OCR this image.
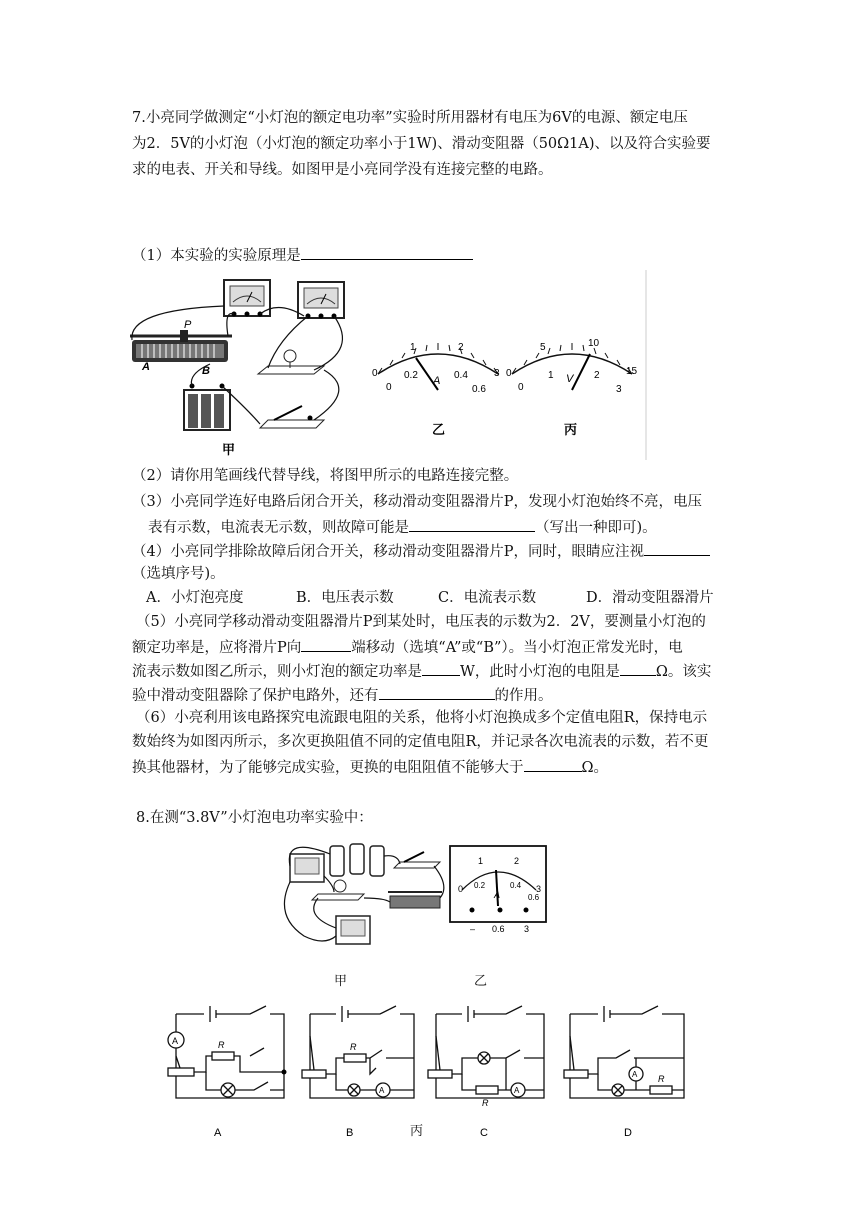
7.小亮同学做测定“小灯泡的额定电功率”实验时所用器材有电压为6V的电源、额定电压
为2．5V的小灯泡（小灯泡的额定功率小于1W)、滑动变阻器（50Ω1A)、以及符合实验要
求的电表、开关和导线。如图甲是小亮同学没有连接完整的电路。
（1）本实验的实验原理是
P
A	B
甲
0
1	2
3
0
0.2	0.4
0.6
A
乙
0
5	10
15
0
1	2
3
V
丙
（2）请你用笔画线代替导线，将图甲所示的电路连接完整。
（3）小亮同学连好电路后闭合开关，移动滑动变阻器滑片P，发现小灯泡始终不亮，电压
表有示数，电流表无示数，则故障可能是	（写出一种即可)。
（4）小亮同学排除故障后闭合开关，移动滑动变阻器滑片P，同时，眼睛应注视
（选填序号)。
A．小灯泡亮度	B．电压表示数	C．电流表示数	D．滑动变阻器滑片
（5）小亮同学移动滑动变阻器滑片P到某处时，电压表的示数为2．2V，要测量小灯泡的
额定功率是，应将滑片P向	端移动（选填“A”或“B”）。当小灯泡正常发光时，电
流表示数如图乙所示，则小灯泡的额定功率是	W，此时小灯泡的电阻是 Ω。该实
验中滑动变阻器除了保护电路外，还有	的作用。
（6）小亮利用该电路探究电流跟电阻的关系，他将小灯泡换成多个定值电阻R，保持电示
数始终为如图丙所示，多次更换阻值不同的定值电阻R，并记录各次电流表的示数，若不更
换其他器材，为了能够完成实验，更换的电阻阻值不能够大于	Ω。
8.在测“3.8V”小灯泡电功率实验中：
0
1	2
3
0.2	0.4
0.6
A
– 0.6 3
甲	乙
A	R
A
A
R
B
A
R
C
A R
D
丙
